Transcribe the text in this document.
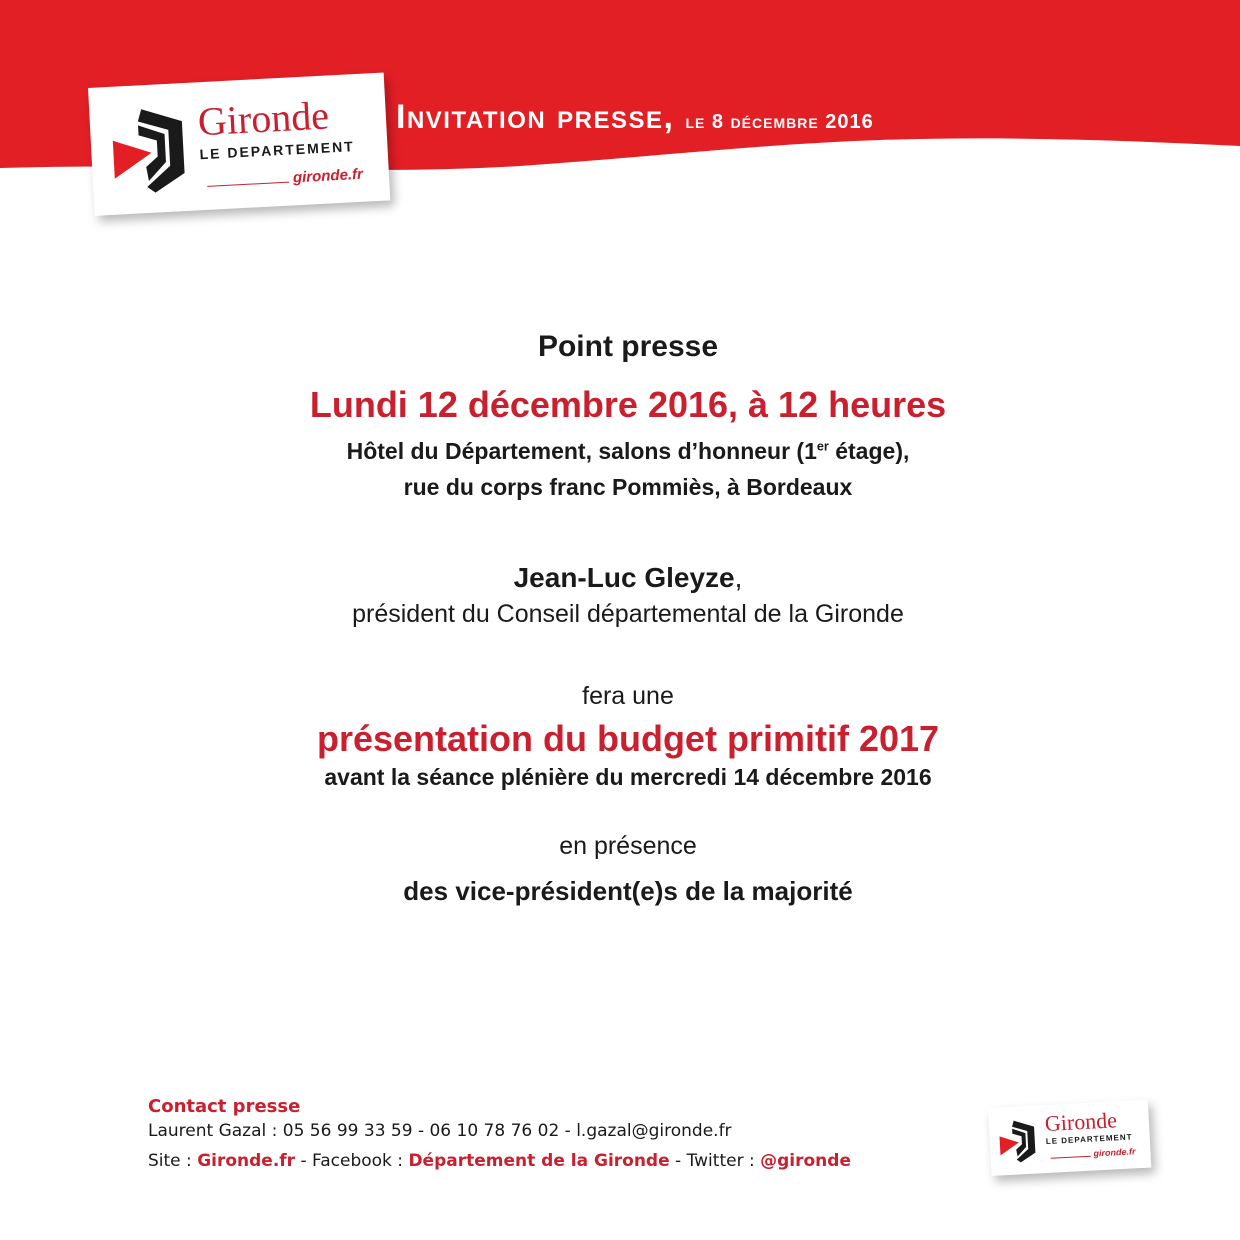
Gironde
LE DEPARTEMENT
gironde.fr
Invitation presse, le 8 décembre 2016
Point presse
Lundi 12 décembre 2016, à 12 heures
Hôtel du Département, salons d’honneur (1er étage),
rue du corps franc Pommiès, à Bordeaux
Jean-Luc Gleyze,
président du Conseil départemental de la Gironde
fera une
présentation du budget primitif 2017
avant la séance plénière du mercredi 14 décembre 2016
en présence
des vice-président(e)s de la majorité
Contact presse
Laurent Gazal : 05 56 99 33 59 - 06 10 78 76 02 - l.gazal@gironde.fr
Site : Gironde.fr - Facebook : Département de la Gironde - Twitter : @gironde
Gironde
LE DEPARTEMENT
gironde.fr
